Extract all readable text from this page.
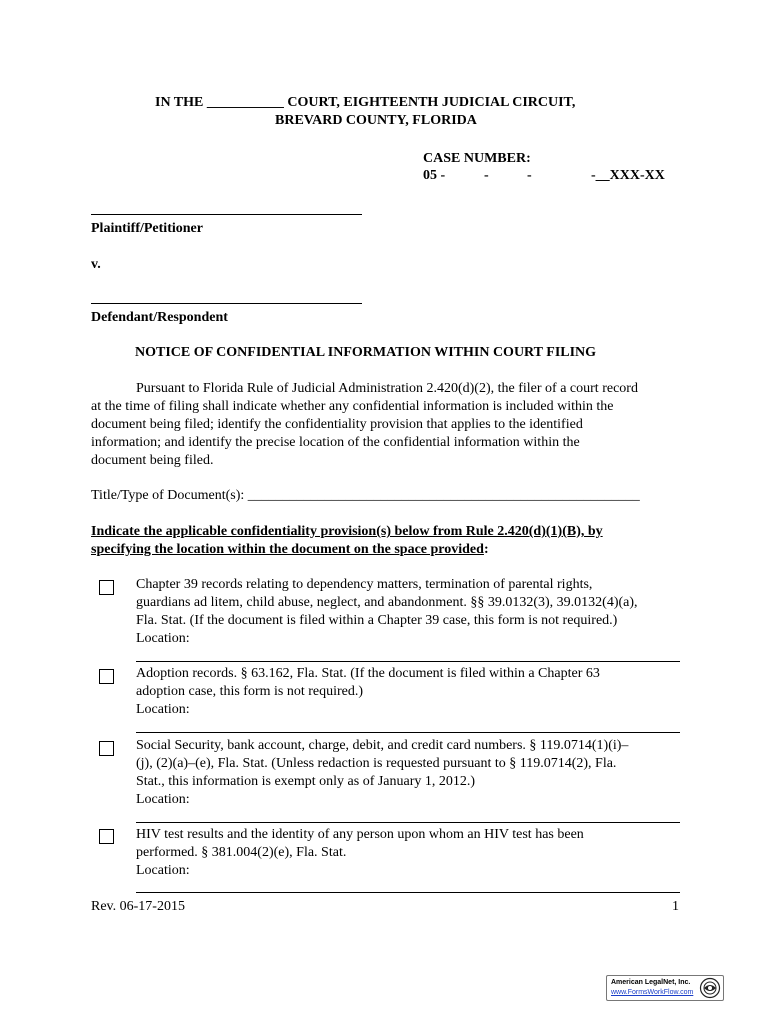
IN THE ___________ COURT, EIGHTEENTH JUDICIAL CIRCUIT,
BREVARD COUNTY, FLORIDA
CASE NUMBER:
05 -	-	-	-__XXX-XX
Plaintiff/Petitioner
v.
Defendant/Respondent
NOTICE OF CONFIDENTIAL INFORMATION WITHIN COURT FILING
Pursuant to Florida Rule of Judicial Administration 2.420(d)(2), the filer of a court record
at the time of filing shall indicate whether any confidential information is included within the
document being filed; identify the confidentiality provision that applies to the identified
information; and identify the precise location of the confidential information within the
document being filed.
Title/Type of Document(s): ________________________________________________________
Indicate the applicable confidentiality provision(s) below from Rule 2.420(d)(1)(B), by
specifying the location within the document on the space provided:
Chapter 39 records relating to dependency matters, termination of parental rights,
guardians ad litem, child abuse, neglect, and abandonment. §§ 39.0132(3), 39.0132(4)(a),
Fla. Stat. (If the document is filed within a Chapter 39 case, this form is not required.)
Location:
Adoption records. § 63.162, Fla. Stat. (If the document is filed within a Chapter 63
adoption case, this form is not required.)
Location:
Social Security, bank account, charge, debit, and credit card numbers. § 119.0714(1)(i)–
(j), (2)(a)–(e), Fla. Stat. (Unless redaction is requested pursuant to § 119.0714(2), Fla.
Stat., this information is exempt only as of January 1, 2012.)
Location:
HIV test results and the identity of any person upon whom an HIV test has been
performed. § 381.004(2)(e), Fla. Stat.
Location:
Rev. 06-17-2015	1
American LegalNet, Inc.
www.FormsWorkFlow.com
